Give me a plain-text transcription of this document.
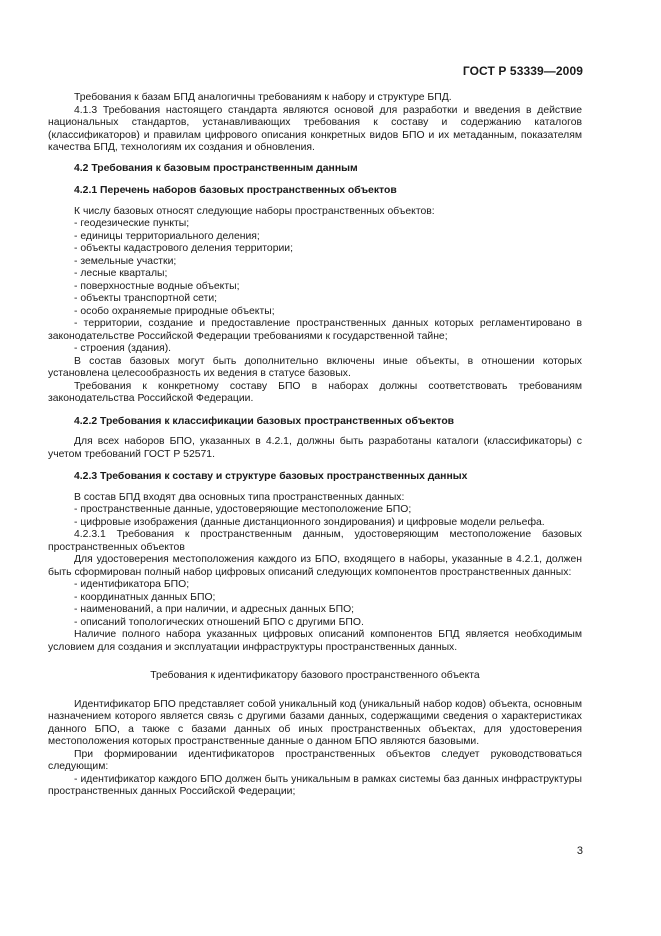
ГОСТ Р 53339—2009

Требования к базам БПД аналогичны требованиям к набору и структуре БПД.

4.1.3 Требования настоящего стандарта являются основой для разработки и введения в действие национальных стандартов, устанавливающих требования к составу и содержанию каталогов (классификаторов) и правилам цифрового описания конкретных видов БПО и их метаданным, показателям качества БПД, технологиям их создания и обновления.

4.2 Требования к базовым пространственным данным

4.2.1 Перечень наборов базовых пространственных объектов

К числу базовых относят следующие наборы пространственных объектов:

- геодезические пункты;

- единицы территориального деления;

- объекты кадастрового деления территории;

- земельные участки;

- лесные кварталы;

- поверхностные водные объекты;

- объекты транспортной сети;

- особо охраняемые природные объекты;

- территории, создание и предоставление пространственных данных которых регламентировано в законодательстве Российской Федерации требованиями к государственной тайне;

- строения (здания).

В состав базовых могут быть дополнительно включены иные объекты, в отношении которых установлена целесообразность их ведения в статусе базовых.

Требования к конкретному составу БПО в наборах должны соответствовать требованиям законодательства Российской Федерации.

4.2.2 Требования к классификации базовых пространственных объектов

Для всех наборов БПО, указанных в 4.2.1, должны быть разработаны каталоги (классификаторы) с учетом требований ГОСТ Р 52571.

4.2.3 Требования к составу и структуре базовых пространственных данных

В состав БПД входят два основных типа пространственных данных:

- пространственные данные, удостоверяющие местоположение БПО;

- цифровые изображения (данные дистанционного зондирования) и цифровые модели рельефа.

4.2.3.1 Требования к пространственным данным, удостоверяющим местоположение базовых пространственных объектов

Для удостоверения местоположения каждого из БПО, входящего в наборы, указанные в 4.2.1, должен быть сформирован полный набор цифровых описаний следующих компонентов пространственных данных:

- идентификатора БПО;

- координатных данных БПО;

- наименований, а при наличии, и адресных данных БПО;

- описаний топологических отношений БПО с другими БПО.

Наличие полного набора указанных цифровых описаний компонентов БПД является необходимым условием для создания и эксплуатации инфраструктуры пространственных данных.

Требования к идентификатору базового пространственного объекта

Идентификатор БПО представляет собой уникальный код (уникальный набор кодов) объекта, основным назначением которого является связь с другими базами данных, содержащими сведения о характеристиках данного БПО, а также с базами данных об иных пространственных объектах, для удостоверения местоположения которых пространственные данные о данном БПО являются базовыми.

При формировании идентификаторов пространственных объектов следует руководствоваться следующим:

- идентификатор каждого БПО должен быть уникальным в рамках системы баз данных инфраструктуры пространственных данных Российской Федерации;

3
